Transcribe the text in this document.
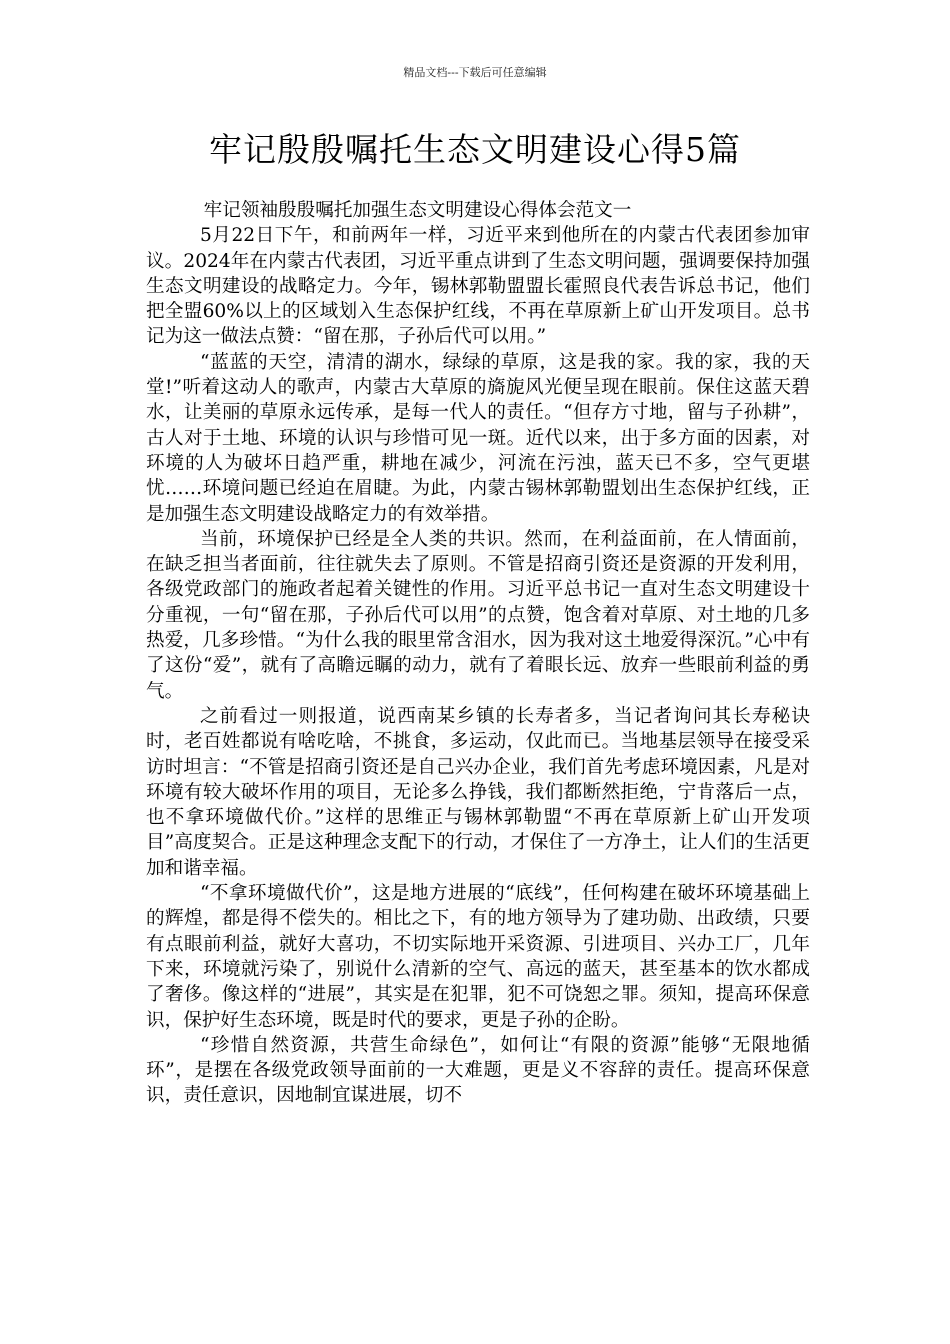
精品文档---下载后可任意编辑
牢记殷殷嘱托生态文明建设心得5篇

牢记领袖殷殷嘱托加强生态文明建设心得体会范文一

5月22日下午，和前两年一样，习近平来到他所在的内蒙古代表团参加审议。2024年在内蒙古代表团，习近平重点讲到了生态文明问题，强调要保持加强生态文明建设的战略定力。今年，锡林郭勒盟盟长霍照良代表告诉总书记，他们把全盟60%以上的区域划入生态保护红线，不再在草原新上矿山开发项目。总书记为这一做法点赞：“留在那，子孙后代可以用。”

“蓝蓝的天空，清清的湖水，绿绿的草原，这是我的家。我的家，我的天堂!”听着这动人的歌声，内蒙古大草原的旖旎风光便呈现在眼前。保住这蓝天碧水，让美丽的草原永远传承，是每一代人的责任。“但存方寸地，留与子孙耕”，古人对于土地、环境的认识与珍惜可见一斑。近代以来，出于多方面的因素，对环境的人为破坏日趋严重，耕地在减少，河流在污浊，蓝天已不多，空气更堪忧……环境问题已经迫在眉睫。为此，内蒙古锡林郭勒盟划出生态保护红线，正是加强生态文明建设战略定力的有效举措。

当前，环境保护已经是全人类的共识。然而，在利益面前，在人情面前，在缺乏担当者面前，往往就失去了原则。不管是招商引资还是资源的开发利用，各级党政部门的施政者起着关键性的作用。习近平总书记一直对生态文明建设十分重视，一句“留在那，子孙后代可以用”的点赞，饱含着对草原、对土地的几多热爱，几多珍惜。“为什么我的眼里常含泪水，因为我对这土地爱得深沉。”心中有了这份“爱”，就有了高瞻远瞩的动力，就有了着眼长远、放弃一些眼前利益的勇气。

之前看过一则报道，说西南某乡镇的长寿者多，当记者询问其长寿秘诀时，老百姓都说有啥吃啥，不挑食，多运动，仅此而已。当地基层领导在接受采访时坦言：“不管是招商引资还是自己兴办企业，我们首先考虑环境因素，凡是对环境有较大破坏作用的项目，无论多么挣钱，我们都断然拒绝，宁肯落后一点，也不拿环境做代价。”这样的思维正与锡林郭勒盟“不再在草原新上矿山开发项目”高度契合。正是这种理念支配下的行动，才保住了一方净土，让人们的生活更加和谐幸福。

“不拿环境做代价”，这是地方进展的“底线”，任何构建在破坏环境基础上的辉煌，都是得不偿失的。相比之下，有的地方领导为了建功勋、出政绩，只要有点眼前利益，就好大喜功，不切实际地开采资源、引进项目、兴办工厂，几年下来，环境就污染了，别说什么清新的空气、高远的蓝天，甚至基本的饮水都成了奢侈。像这样的“进展”，其实是在犯罪，犯不可饶恕之罪。须知，提高环保意识，保护好生态环境，既是时代的要求，更是子孙的企盼。

“珍惜自然资源，共营生命绿色”，如何让“有限的资源”能够“无限地循环”，是摆在各级党政领导面前的一大难题，更是义不容辞的责任。提高环保意识，责任意识，因地制宜谋进展，切不
